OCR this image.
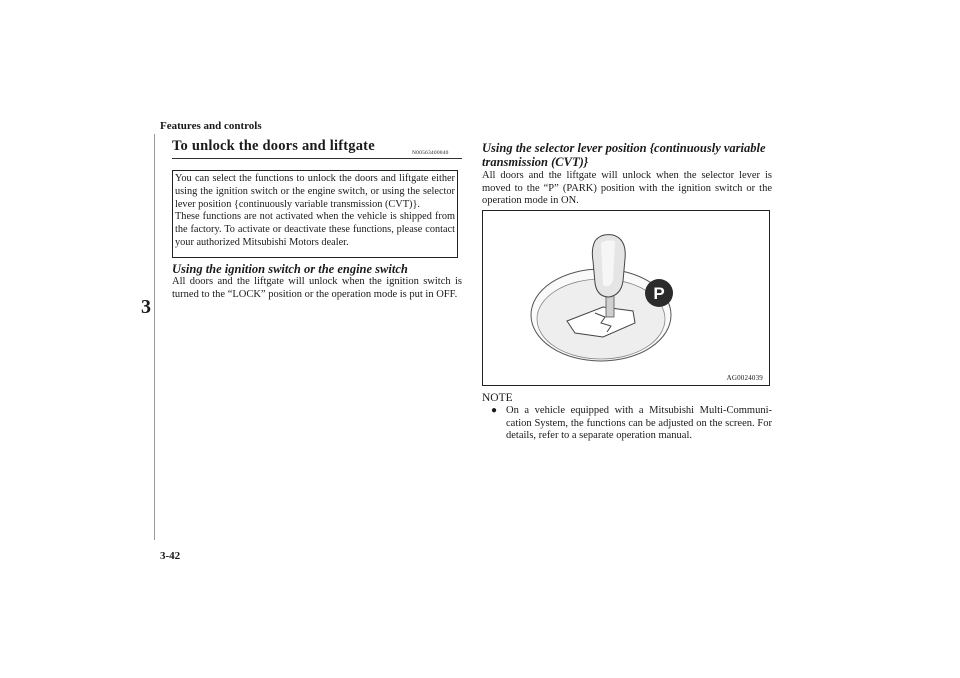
Features and controls
3
3-42
To unlock the doors and liftgate	N00563400040

You can select the functions to unlock the doors and liftgate either using the ignition switch or the engine switch, or using the selector lever position {continuously variable transmission (CVT)}.

These functions are not activated when the vehicle is shipped from the factory. To activate or deactivate these functions, please contact your authorized Mitsubishi Motors dealer.

Using the ignition switch or the engine switch

All doors and the liftgate will unlock when the ignition switch is turned to the “LOCK” position or the operation mode is put in OFF.

Using the selector lever position {continuously variable transmission (CVT)}

All doors and the liftgate will unlock when the selector lever is moved to the “P” (PARK) position with the ignition switch or the operation mode in ON.

P
AG0024039
NOTE
● On a vehicle equipped with a Mitsubishi Multi-Communi-cation System, the functions can be adjusted on the screen. For details, refer to a separate operation manual.
